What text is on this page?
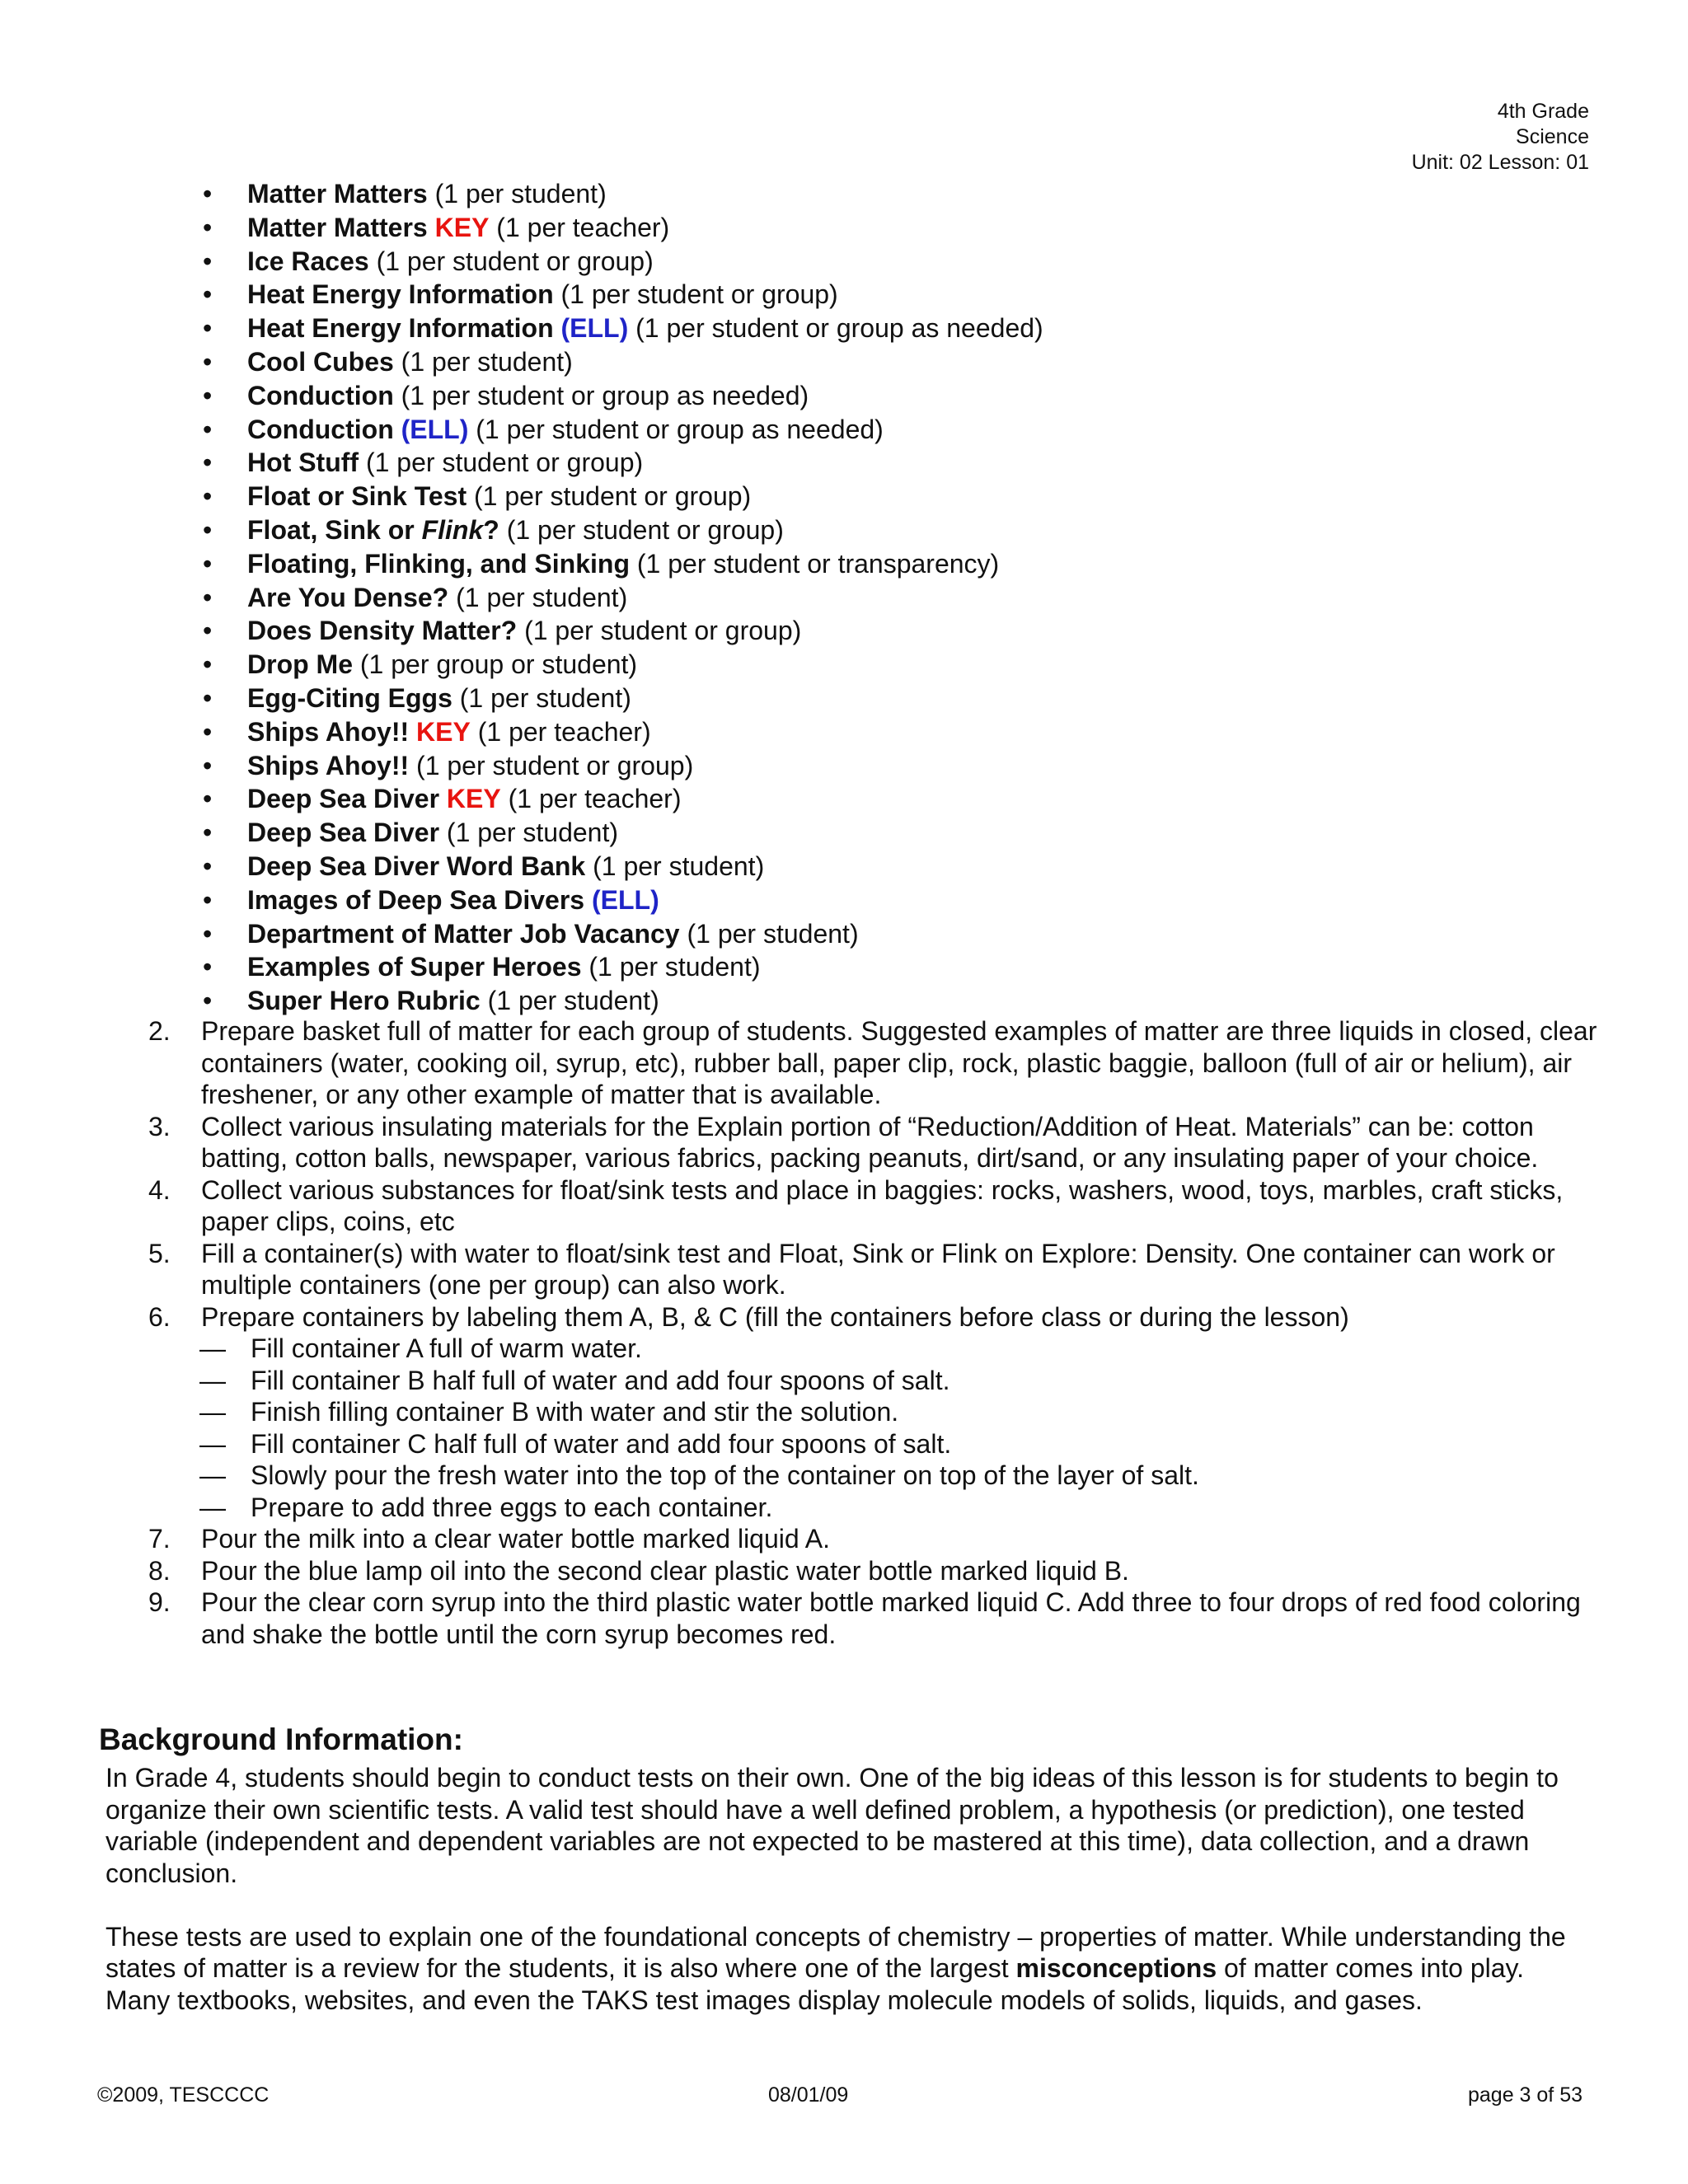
4th Grade
Science
Unit: 02 Lesson: 01
• Matter Matters (1 per student)
• Matter Matters KEY (1 per teacher)
• Ice Races (1 per student or group)
• Heat Energy Information (1 per student or group)
• Heat Energy Information (ELL) (1 per student or group as needed)
• Cool Cubes (1 per student)
• Conduction (1 per student or group as needed)
• Conduction (ELL) (1 per student or group as needed)
• Hot Stuff (1 per student or group)
• Float or Sink Test (1 per student or group)
• Float, Sink or Flink? (1 per student or group)
• Floating, Flinking, and Sinking (1 per student or transparency)
• Are You Dense? (1 per student)
• Does Density Matter? (1 per student or group)
• Drop Me (1 per group or student)
• Egg-Citing Eggs (1 per student)
• Ships Ahoy!! KEY (1 per teacher)
• Ships Ahoy!! (1 per student or group)
• Deep Sea Diver KEY (1 per teacher)
• Deep Sea Diver (1 per student)
• Deep Sea Diver Word Bank (1 per student)
• Images of Deep Sea Divers (ELL)
• Department of Matter Job Vacancy (1 per student)
• Examples of Super Heroes (1 per student)
• Super Hero Rubric (1 per student)
2. Prepare basket full of matter for each group of students. Suggested examples of matter are three liquids in closed, clear containers (water, cooking oil, syrup, etc), rubber ball, paper clip, rock, plastic baggie, balloon (full of air or helium), air freshener, or any other example of matter that is available.
3. Collect various insulating materials for the Explain portion of “Reduction/Addition of Heat. Materials” can be: cotton batting, cotton balls, newspaper, various fabrics, packing peanuts, dirt/sand, or any insulating paper of your choice.
4. Collect various substances for float/sink tests and place in baggies: rocks, washers, wood, toys, marbles, craft sticks, paper clips, coins, etc
5. Fill a container(s) with water to float/sink test and Float, Sink or Flink on Explore: Density. One container can work or multiple containers (one per group) can also work.
6. Prepare containers by labeling them A, B, & C (fill the containers before class or during the lesson)
— Fill container A full of warm water.
— Fill container B half full of water and add four spoons of salt.
— Finish filling container B with water and stir the solution.
— Fill container C half full of water and add four spoons of salt.
— Slowly pour the fresh water into the top of the container on top of the layer of salt.
— Prepare to add three eggs to each container.
7. Pour the milk into a clear water bottle marked liquid A.
8. Pour the blue lamp oil into the second clear plastic water bottle marked liquid B.
9. Pour the clear corn syrup into the third plastic water bottle marked liquid C. Add three to four drops of red food coloring and shake the bottle until the corn syrup becomes red.
Background Information:

In Grade 4, students should begin to conduct tests on their own. One of the big ideas of this lesson is for students to begin to organize their own scientific tests. A valid test should have a well defined problem, a hypothesis (or prediction), one tested variable (independent and dependent variables are not expected to be mastered at this time), data collection, and a drawn conclusion.

These tests are used to explain one of the foundational concepts of chemistry – properties of matter. While understanding the states of matter is a review for the students, it is also where one of the largest misconceptions of matter comes into play. Many textbooks, websites, and even the TAKS test images display molecule models of solids, liquids, and gases.

©2009, TESCCCC	08/01/09	page 3 of 53
